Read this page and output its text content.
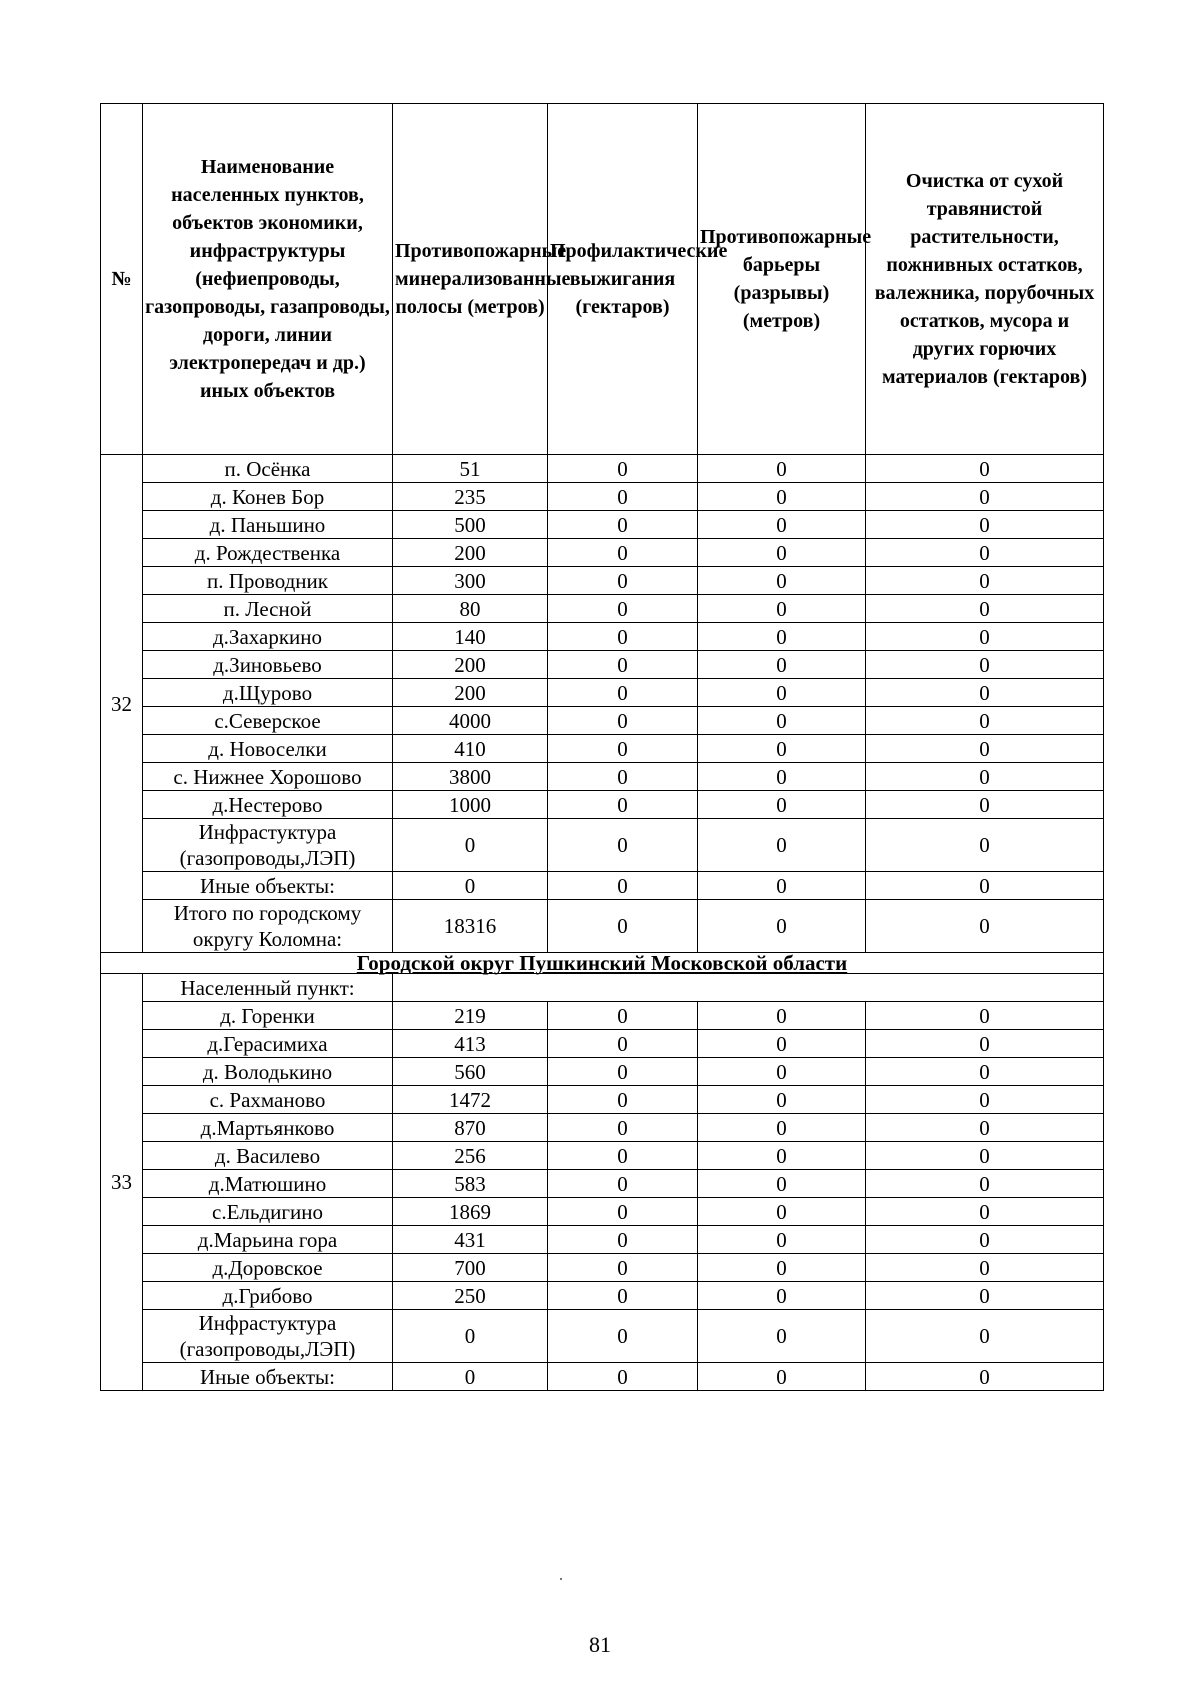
№	Наименование населенных пунктов, объектов экономики, инфраструктуры (нефиепроводы, газопроводы, газапроводы, дороги, линии электропередач и др.) иных объектов	Противопожарные минерализованные полосы (метров)	Профилактические выжигания (гектаров)	Противопожарные барьеры (разрывы) (метров)	Очистка от сухой травянистой растительности, пожнивных остатков, валежника, порубочных остатков, мусора и других горючих материалов (гектаров)
32	п. Осёнка	51	0	0	0
	д. Конев Бор	235	0	0	0
	д. Паньшино	500	0	0	0
	д. Рождественка	200	0	0	0
	п. Проводник	300	0	0	0
	п. Лесной	80	0	0	0
	д.Захаркино	140	0	0	0
	д.Зиновьево	200	0	0	0
	д.Щурово	200	0	0	0
	с.Северское	4000	0	0	0
	д. Новоселки	410	0	0	0
	с. Нижнее Хорошово	3800	0	0	0
	д.Нестерово	1000	0	0	0
	Инфрастуктура (газопроводы,ЛЭП)	0	0	0	0
	Иные объекты:	0	0	0	0
	Итого по городскому округу Коломна:	18316	0	0	0
Городской округ Пушкинский Московской области					
33	Населенный пункт:				
	д. Горенки	219	0	0	0
	д.Герасимиха	413	0	0	0
	д. Володькино	560	0	0	0
	с. Рахманово	1472	0	0	0
	д.Мартьянково	870	0	0	0
	д. Василево	256	0	0	0
	д.Матюшино	583	0	0	0
	с.Ельдигино	1869	0	0	0
	д.Марьина гора	431	0	0	0
	д.Доровское	700	0	0	0
	д.Грибово	250	0	0	0
	Инфрастуктура (газопроводы,ЛЭП)	0	0	0	0
	Иные объекты:	0	0	0	0
81
